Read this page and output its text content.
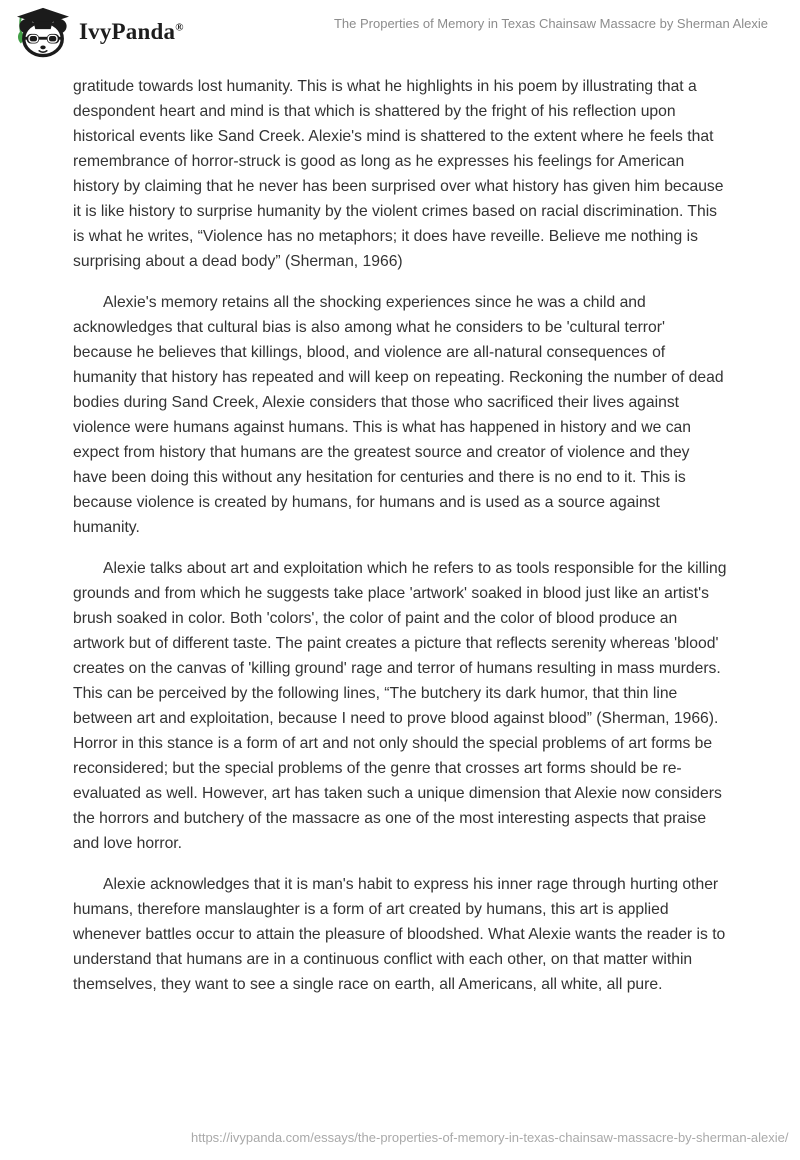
IvyPanda®	The Properties of Memory in Texas Chainsaw Massacre by Sherman Alexie

gratitude towards lost humanity. This is what he highlights in his poem by illustrating that a despondent heart and mind is that which is shattered by the fright of his reflection upon historical events like Sand Creek. Alexie's mind is shattered to the extent where he feels that remembrance of horror-struck is good as long as he expresses his feelings for American history by claiming that he never has been surprised over what history has given him because it is like history to surprise humanity by the violent crimes based on racial discrimination. This is what he writes, “Violence has no metaphors; it does have reveille. Believe me nothing is surprising about a dead body” (Sherman, 1966)

Alexie's memory retains all the shocking experiences since he was a child and acknowledges that cultural bias is also among what he considers to be 'cultural terror' because he believes that killings, blood, and violence are all-natural consequences of humanity that history has repeated and will keep on repeating. Reckoning the number of dead bodies during Sand Creek, Alexie considers that those who sacrificed their lives against violence were humans against humans. This is what has happened in history and we can expect from history that humans are the greatest source and creator of violence and they have been doing this without any hesitation for centuries and there is no end to it. This is because violence is created by humans, for humans and is used as a source against humanity.

Alexie talks about art and exploitation which he refers to as tools responsible for the killing grounds and from which he suggests take place 'artwork' soaked in blood just like an artist's brush soaked in color. Both 'colors', the color of paint and the color of blood produce an artwork but of different taste. The paint creates a picture that reflects serenity whereas 'blood' creates on the canvas of 'killing ground' rage and terror of humans resulting in mass murders. This can be perceived by the following lines, “The butchery its dark humor, that thin line between art and exploitation, because I need to prove blood against blood” (Sherman, 1966). Horror in this stance is a form of art and not only should the special problems of art forms be reconsidered; but the special problems of the genre that crosses art forms should be re-evaluated as well. However, art has taken such a unique dimension that Alexie now considers the horrors and butchery of the massacre as one of the most interesting aspects that praise and love horror.

Alexie acknowledges that it is man's habit to express his inner rage through hurting other humans, therefore manslaughter is a form of art created by humans, this art is applied whenever battles occur to attain the pleasure of bloodshed. What Alexie wants the reader is to understand that humans are in a continuous conflict with each other, on that matter within themselves, they want to see a single race on earth, all Americans, all white, all pure.

https://ivypanda.com/essays/the-properties-of-memory-in-texas-chainsaw-massacre-by-sherman-alexie/
